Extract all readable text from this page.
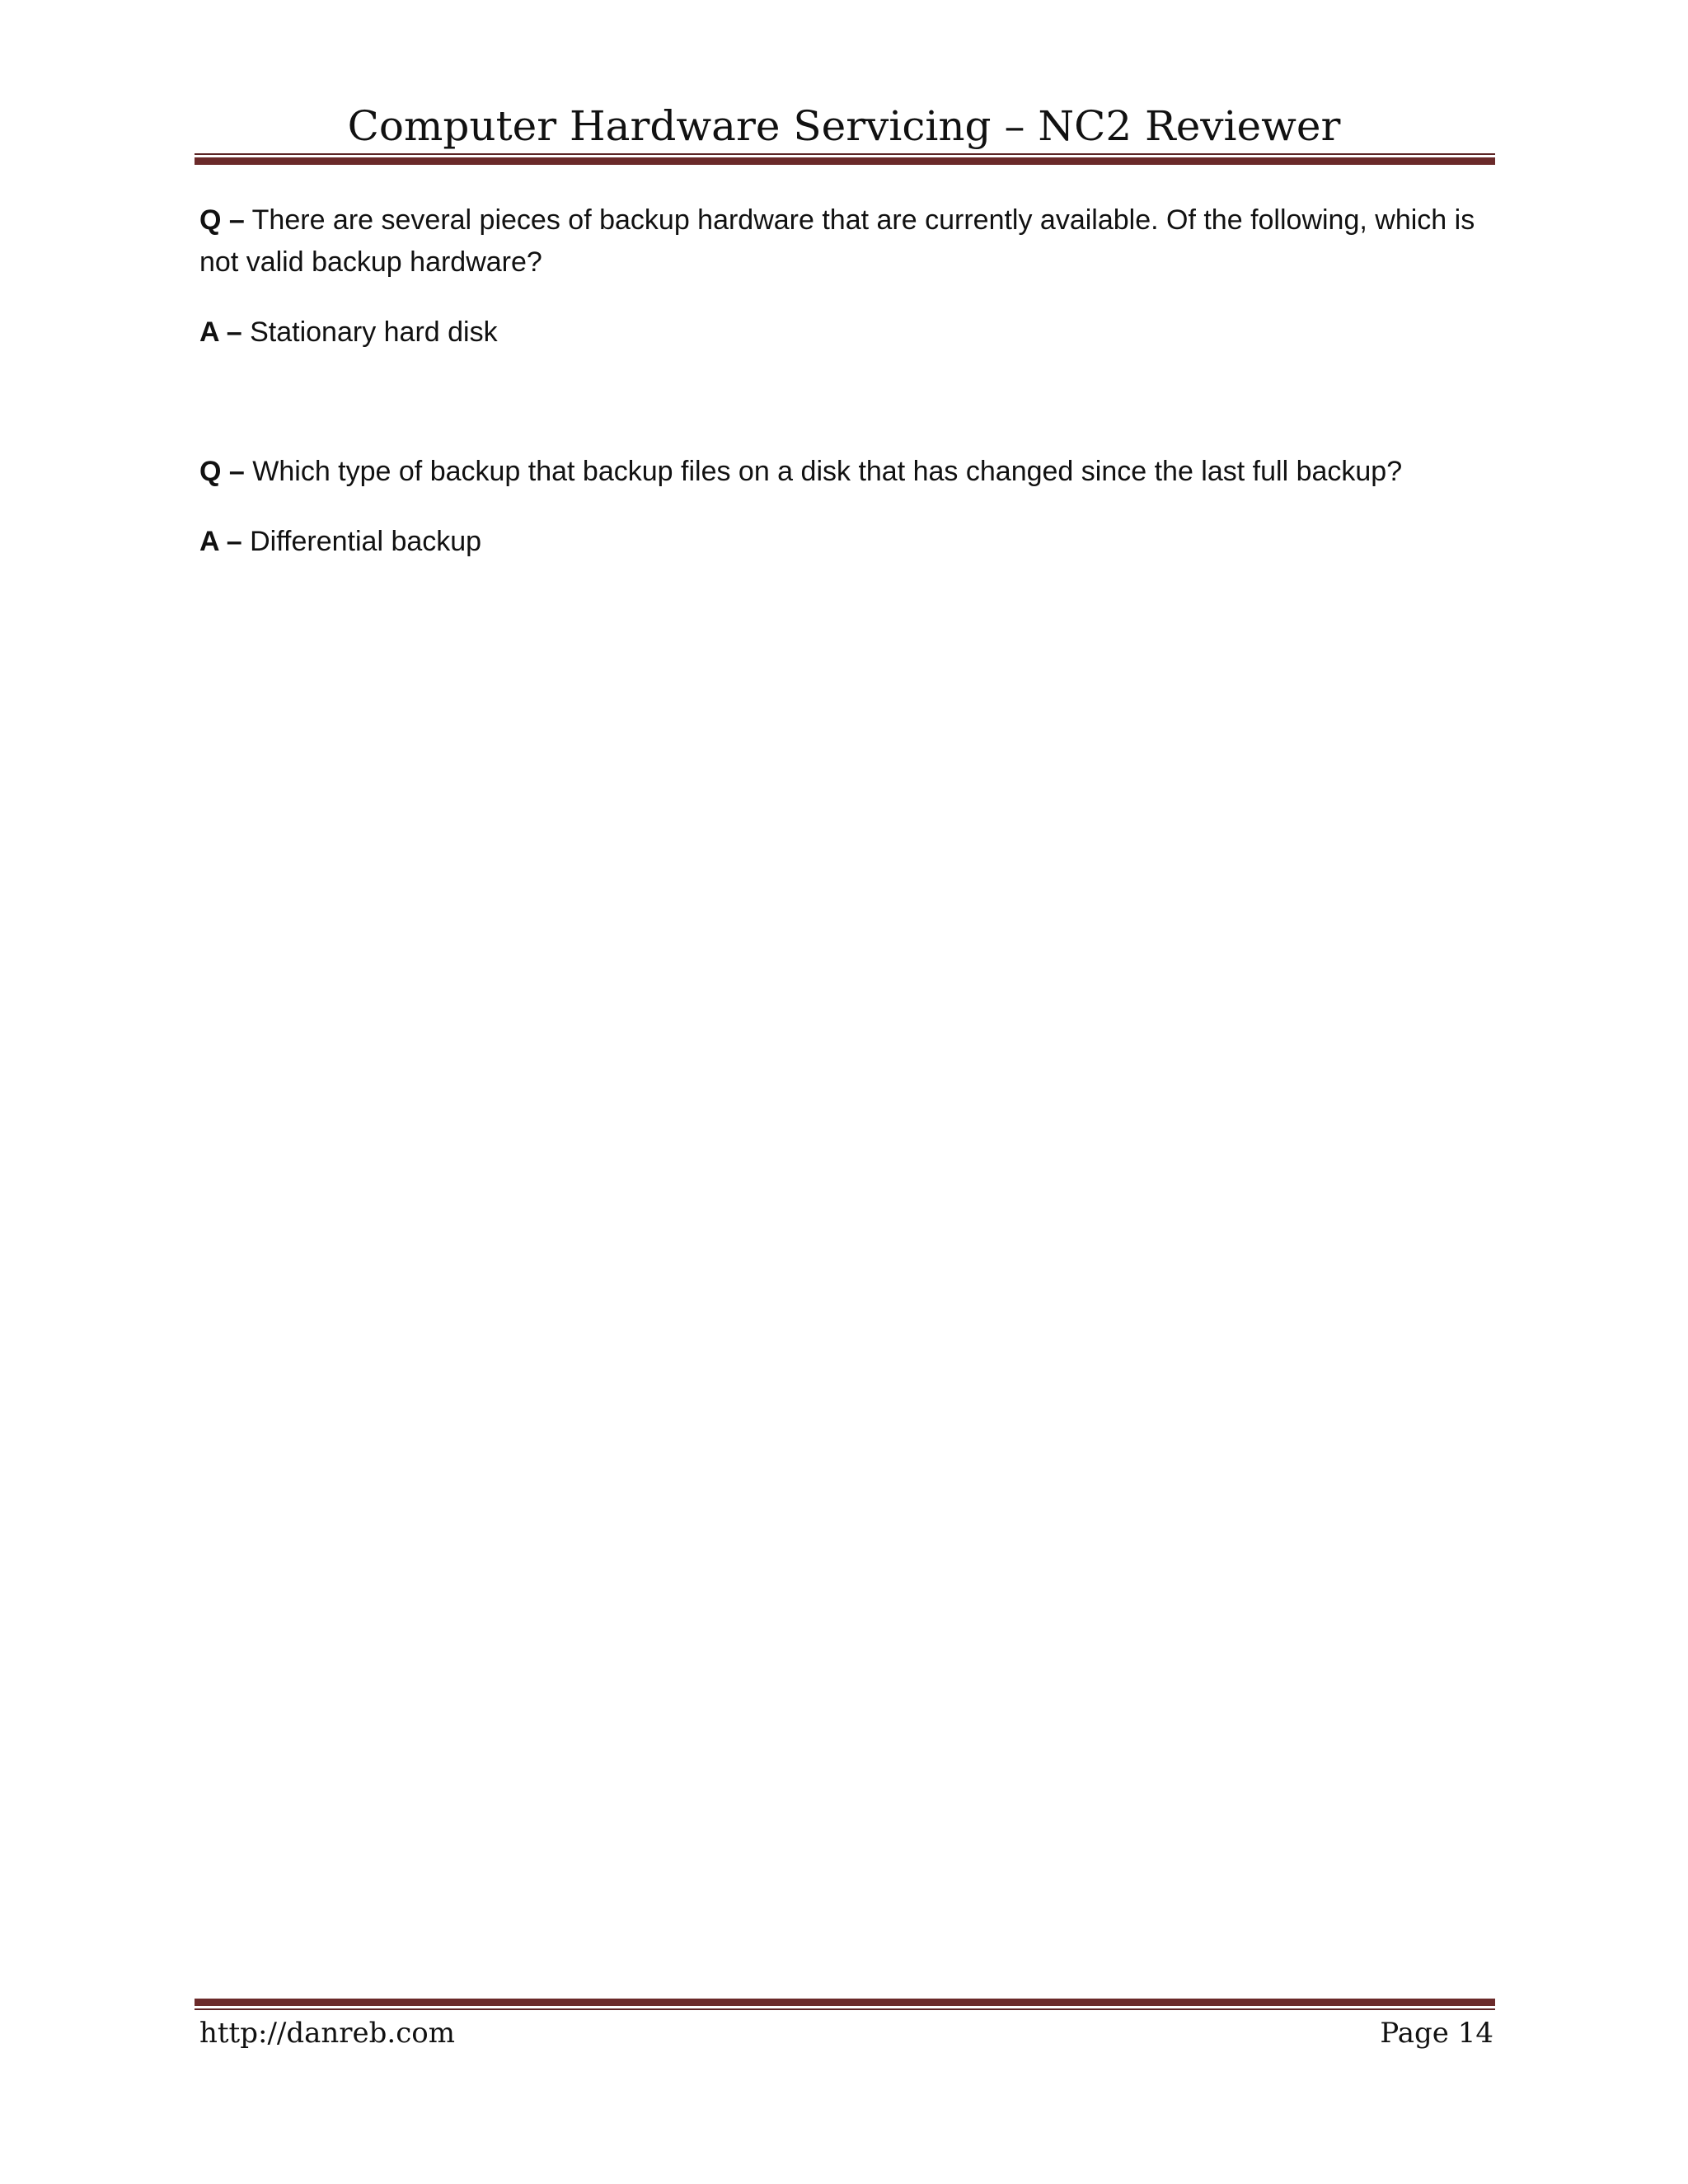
Computer Hardware Servicing – NC2 Reviewer

Q – There are several pieces of backup hardware that are currently available. Of the following, which is not valid backup hardware?

A – Stationary hard disk

Q – Which type of backup that backup files on a disk that has changed since the last full backup?

A – Differential backup

http://danreb.com	Page 14
